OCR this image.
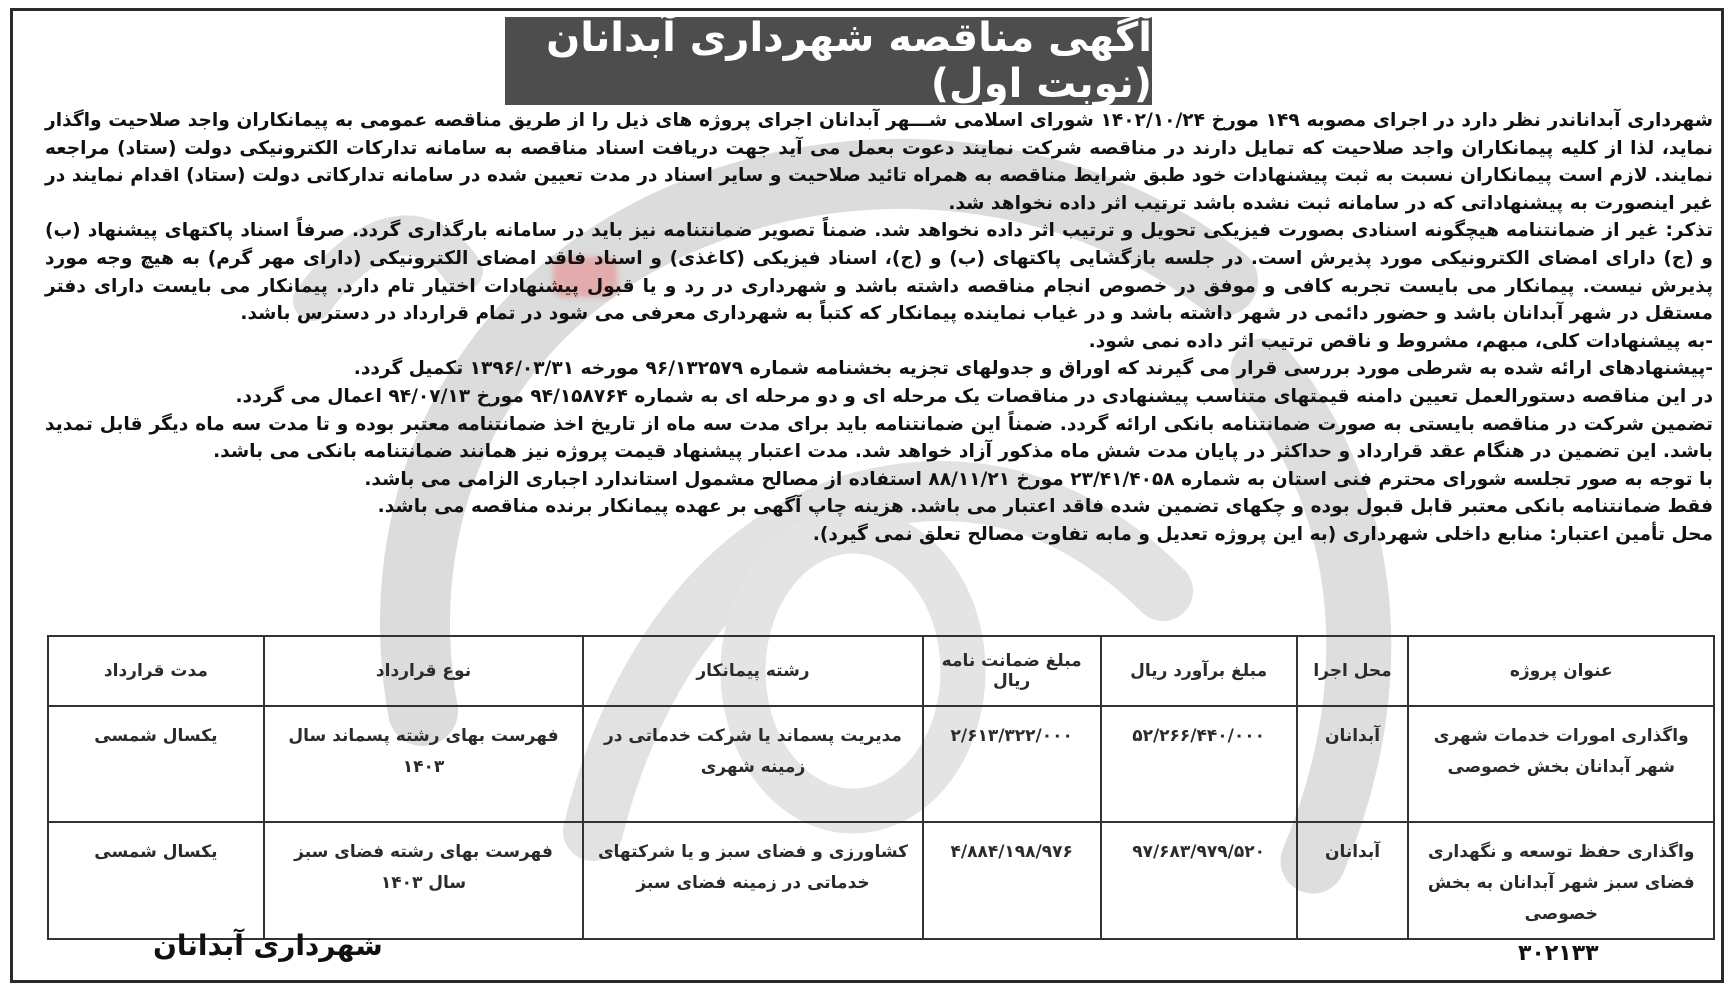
آگهی مناقصه شهرداری آبدانان (نوبت اول)

شهرداری آبداناندر نظر دارد در اجرای مصوبه ۱۴۹ مورخ ۱۴۰۲/۱۰/۲۴ شورای اسلامی شـــهر آبدانان اجرای پروژه های ذیل را از طریق مناقصه عمومی به پیمانکاران واجد صلاحیت واگذار نماید، لذا از کلیه پیمانکاران واجد صلاحیت که تمایل دارند در مناقصه شرکت نمایند دعوت بعمل می آید جهت دریافت اسناد مناقصه به سامانه تدارکات الکترونیکی دولت (ستاد) مراجعه نمایند. لازم است پیمانکاران نسبت به ثبت پیشنهادات خود طبق شرایط مناقصه به همراه تائید صلاحیت و سایر اسناد در مدت تعیین شده در سامانه تدارکاتی دولت (ستاد) اقدام نمایند در غیر اینصورت به پیشنهاداتی که در سامانه ثبت نشده باشد ترتیب اثر داده نخواهد شد.

تذکر: غیر از ضمانتنامه هیچگونه اسنادی بصورت فیزیکی تحویل و ترتیب اثر داده نخواهد شد. ضمناً تصویر ضمانتنامه نیز باید در سامانه بارگذاری گردد. صرفاً اسناد پاکتهای پیشنهاد (ب) و (ج) دارای امضای الکترونیکی مورد پذیرش است. در جلسه بازگشایی پاکتهای (ب) و (ج)، اسناد فیزیکی (کاغذی) و اسناد فاقد امضای الکترونیکی (دارای مهر گرم) به هیچ وجه مورد پذیرش نیست. پیمانکار می بایست تجربه کافی و موفق در خصوص انجام مناقصه داشته باشد و شهرداری در رد و یا قبول پیشنهادات اختیار تام دارد. پیمانکار می بایست دارای دفتر مستقل در شهر آبدانان باشد و حضور دائمی در شهر داشته باشد و در غیاب نماینده پیمانکار که کتباً به شهرداری معرفی می شود در تمام قرارداد در دسترس باشد.

-به پیشنهادات کلی، مبهم، مشروط و ناقص ترتیب اثر داده نمی شود.

-پیشنهادهای ارائه شده به شرطی مورد بررسی قرار می گیرند که اوراق و جدولهای تجزیه بخشنامه شماره ۹۶/۱۳۲۵۷۹ مورخه ۱۳۹۶/۰۳/۳۱ تکمیل گردد.

در این مناقصه دستورالعمل تعیین دامنه قیمتهای متناسب پیشنهادی در مناقصات یک مرحله ای و دو مرحله ای به شماره ۹۴/۱۵۸۷۶۴ مورخ ۹۴/۰۷/۱۳ اعمال می گردد.

تضمین شرکت در مناقصه بایستی به صورت ضمانتنامه بانکی ارائه گردد. ضمناً این ضمانتنامه باید برای مدت سه ماه از تاریخ اخذ ضمانتنامه معتبر بوده و تا مدت سه ماه دیگر قابل تمدید باشد. این تضمین در هنگام عقد قرارداد و حداکثر در پایان مدت شش ماه مذکور آزاد خواهد شد. مدت اعتبار پیشنهاد قیمت پروژه نیز همانند ضمانتنامه بانکی می باشد.

با توجه به صور تجلسه شورای محترم فنی استان به شماره ۲۳/۴۱/۴۰۵۸ مورخ ۸۸/۱۱/۲۱ استفاده از مصالح مشمول استاندارد اجباری الزامی می باشد.

فقط ضمانتنامه بانکی معتبر قابل قبول بوده و چکهای تضمین شده فاقد اعتبار می باشد. هزینه چاپ آگهی بر عهده پیمانکار برنده مناقصه می باشد.

محل تأمین اعتبار: منابع داخلی شهرداری (به این پروژه تعدیل و مابه تفاوت مصالح تعلق نمی گیرد).

عنوان پروژه	محل اجرا	مبلغ برآورد ریال	مبلغ ضمانت نامه ریال	رشته پیمانکار	نوع قرارداد	مدت قرارداد
واگذاری امورات خدمات شهری شهر آبدانان بخش خصوصی	آبدانان	۵۲/۲۶۶/۴۴۰/۰۰۰	۲/۶۱۳/۳۲۲/۰۰۰	مدیریت پسماند یا شرکت خدماتی در زمینه شهری	فهرست بهای رشته پسماند سال ۱۴۰۳	یکسال شمسی
واگذاری حفظ توسعه و نگهداری فضای سبز شهر آبدانان به بخش خصوصی	آبدانان	۹۷/۶۸۳/۹۷۹/۵۲۰	۴/۸۸۴/۱۹۸/۹۷۶	کشاورزی و فضای سبز و یا شرکتهای خدماتی در زمینه فضای سبز	فهرست بهای رشته فضای سبز سال ۱۴۰۳	یکسال شمسی
شهرداری آبدانان	۳۰۲۱۳۳
